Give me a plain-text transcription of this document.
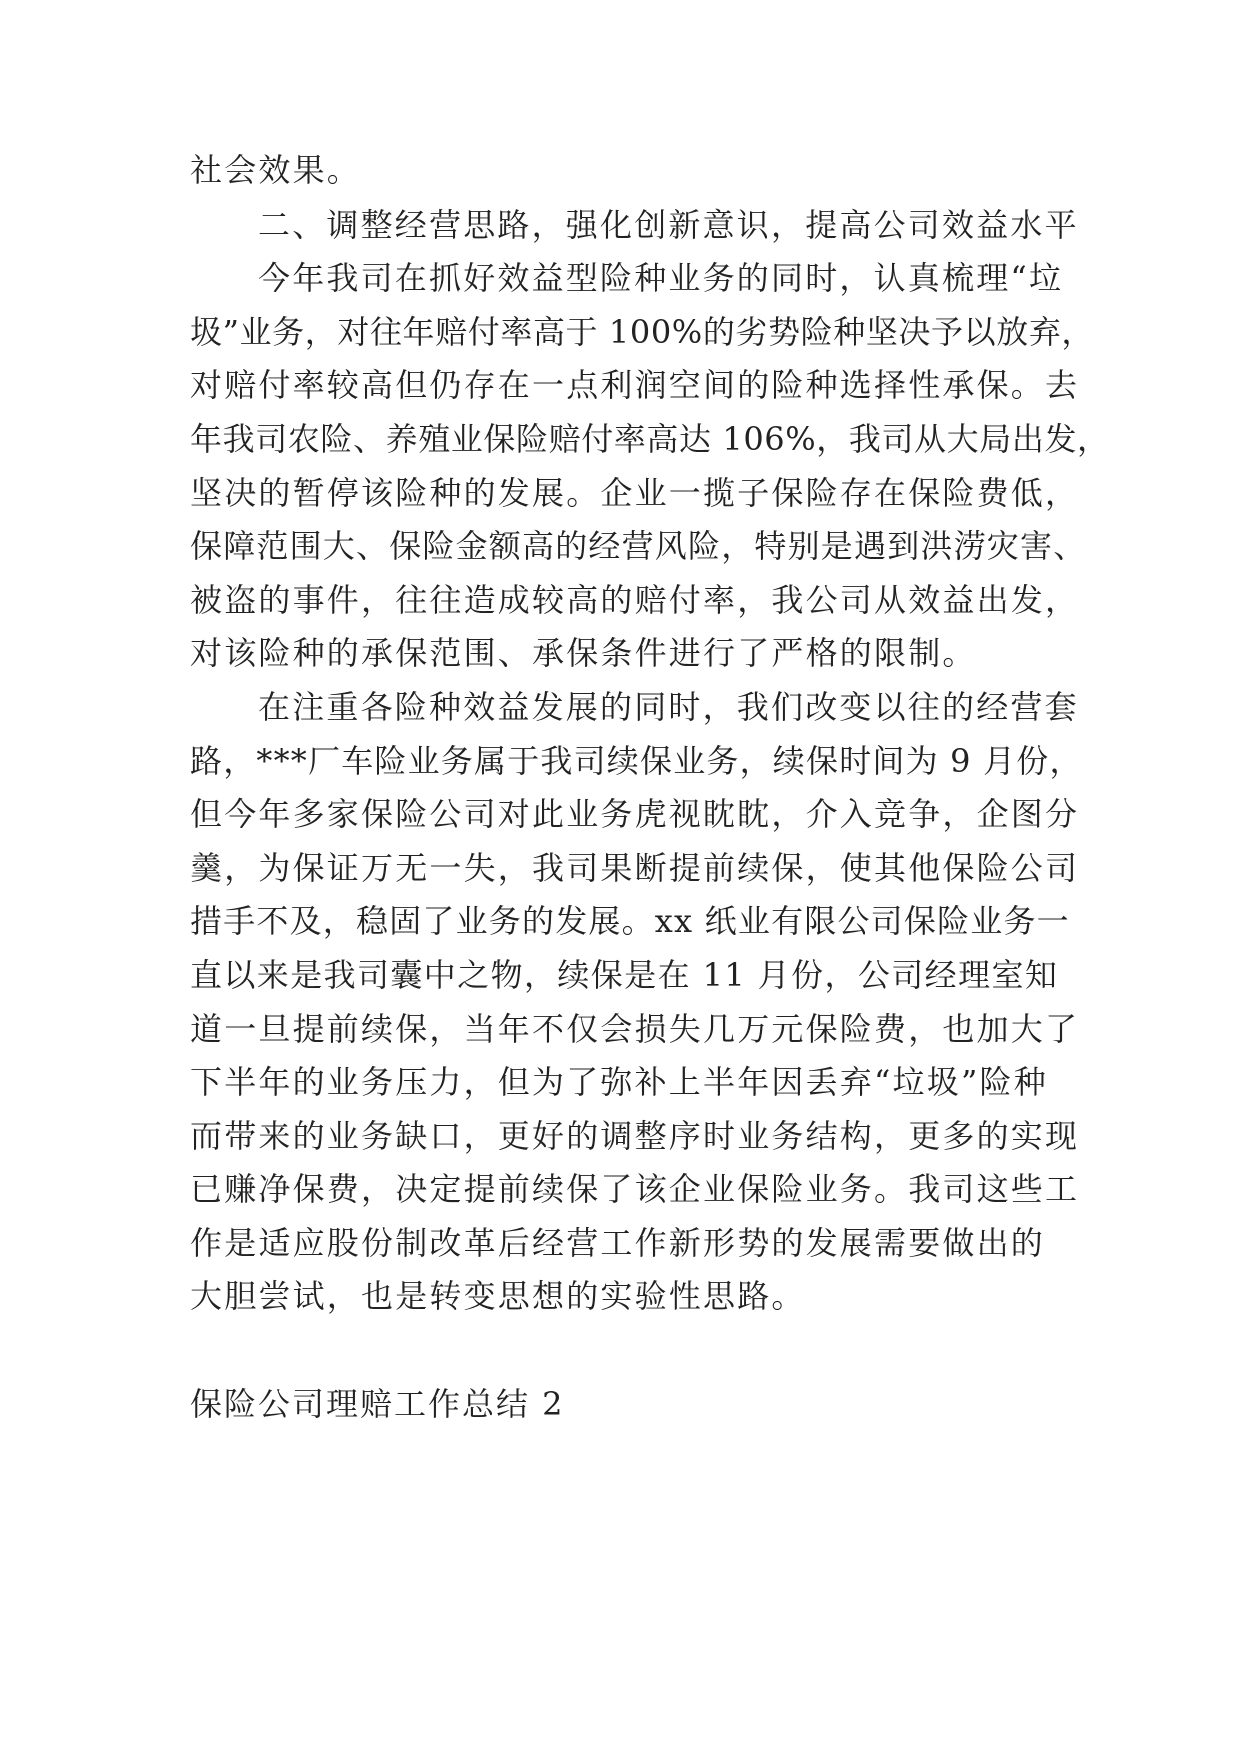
社会效果。
二、调整经营思路，强化创新意识，提高公司效益水平
今年我司在抓好效益型险种业务的同时，认真梳理“垃
圾”业务，对往年赔付率高于 100%的劣势险种坚决予以放弃，
对赔付率较高但仍存在一点利润空间的险种选择性承保。去
年我司农险、养殖业保险赔付率高达 106%，我司从大局出发，
坚决的暂停该险种的发展。企业一揽子保险存在保险费低，
保障范围大、保险金额高的经营风险，特别是遇到洪涝灾害、
被盗的事件，往往造成较高的赔付率，我公司从效益出发，
对该险种的承保范围、承保条件进行了严格的限制。
在注重各险种效益发展的同时，我们改变以往的经营套
路，***厂车险业务属于我司续保业务，续保时间为 9 月份，
但今年多家保险公司对此业务虎视眈眈，介入竞争，企图分
羹，为保证万无一失，我司果断提前续保，使其他保险公司
措手不及，稳固了业务的发展。xx 纸业有限公司保险业务一
直以来是我司囊中之物，续保是在 11 月份，公司经理室知
道一旦提前续保，当年不仅会损失几万元保险费，也加大了
下半年的业务压力，但为了弥补上半年因丢弃“垃圾”险种
而带来的业务缺口，更好的调整序时业务结构，更多的实现
已赚净保费，决定提前续保了该企业保险业务。我司这些工
作是适应股份制改革后经营工作新形势的发展需要做出的
大胆尝试，也是转变思想的实验性思路。
保险公司理赔工作总结 2
